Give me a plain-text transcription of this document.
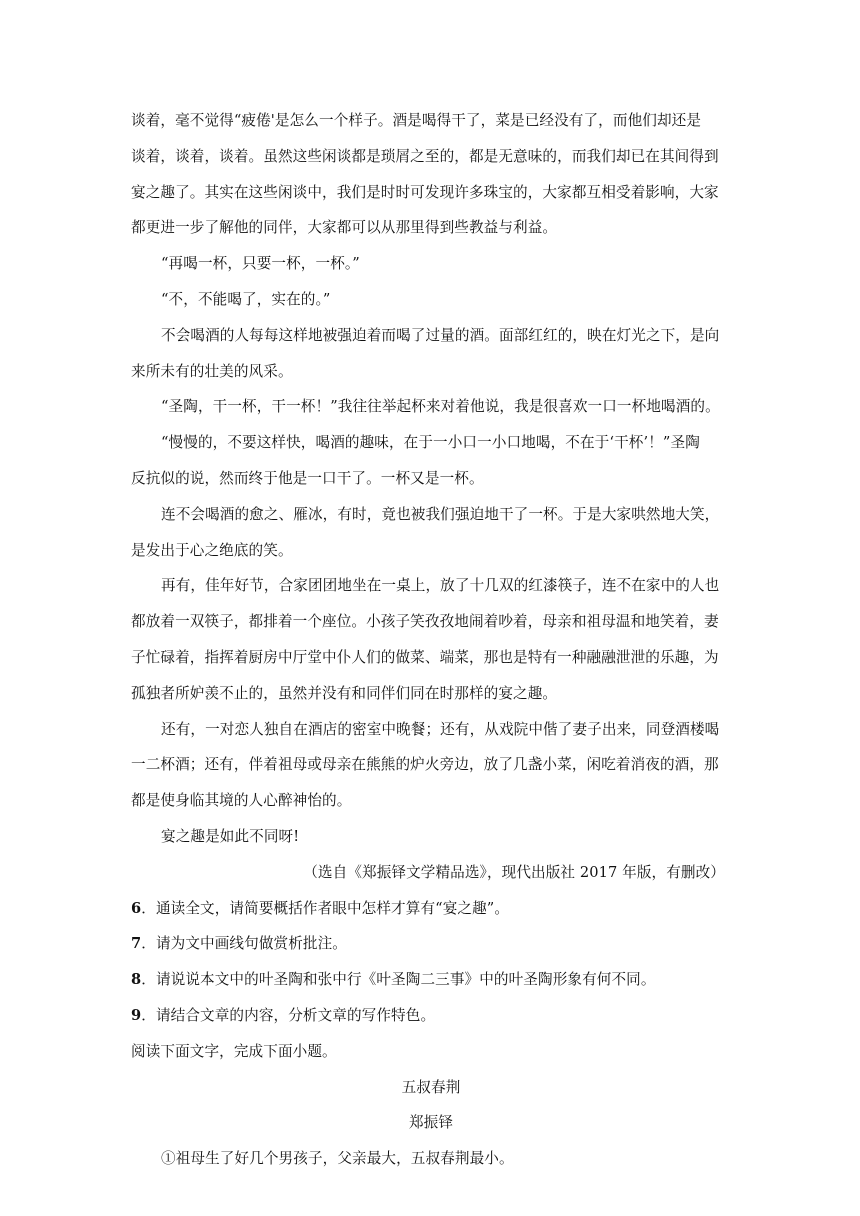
谈着，毫不觉得“疲倦'是怎么一个样子。酒是喝得干了，菜是已经没有了，而他们却还是
谈着，谈着，谈着。虽然这些闲谈都是琐屑之至的，都是无意味的，而我们却已在其间得到
宴之趣了。其实在这些闲谈中，我们是时时可发现许多珠宝的，大家都互相受着影响，大家
都更进一步了解他的同伴，大家都可以从那里得到些教益与利益。
“再喝一杯，只要一杯，一杯。”
“不，不能喝了，实在的。”
不会喝酒的人每每这样地被强迫着而喝了过量的酒。面部红红的，映在灯光之下，是向
来所未有的壮美的风采。
“圣陶，干一杯，干一杯！”我往往举起杯来对着他说，我是很喜欢一口一杯地喝酒的。
“慢慢的，不要这样快，喝酒的趣味，在于一小口一小口地喝，不在于‘干杯’！”圣陶
反抗似的说，然而终于他是一口干了。一杯又是一杯。
连不会喝酒的愈之、雁冰，有时，竟也被我们强迫地干了一杯。于是大家哄然地大笑，
是发出于心之绝底的笑。
再有，佳年好节，合家团团地坐在一桌上，放了十几双的红漆筷子，连不在家中的人也
都放着一双筷子，都排着一个座位。小孩子笑孜孜地闹着吵着，母亲和祖母温和地笑着，妻
子忙碌着，指挥着厨房中厅堂中仆人们的做菜、端菜，那也是特有一种融融泄泄的乐趣，为
孤独者所妒羡不止的，虽然并没有和同伴们同在时那样的宴之趣。
还有，一对恋人独自在酒店的密室中晚餐；还有，从戏院中偕了妻子出来，同登酒楼喝
一二杯酒；还有，伴着祖母或母亲在熊熊的炉火旁边，放了几盏小菜，闲吃着消夜的酒，那
都是使身临其境的人心醉神怡的。
宴之趣是如此不同呀!
（选自《郑振铎文学精品选》，现代出版社 2017 年版，有删改）
6．通读全文，请简要概括作者眼中怎样才算有“宴之趣”。
7．请为文中画线句做赏析批注。
8．请说说本文中的叶圣陶和张中行《叶圣陶二三事》中的叶圣陶形象有何不同。
9．请结合文章的内容，分析文章的写作特色。
阅读下面文字，完成下面小题。
五叔春荆
郑振铎
①祖母生了好几个男孩子，父亲最大，五叔春荆最小。
